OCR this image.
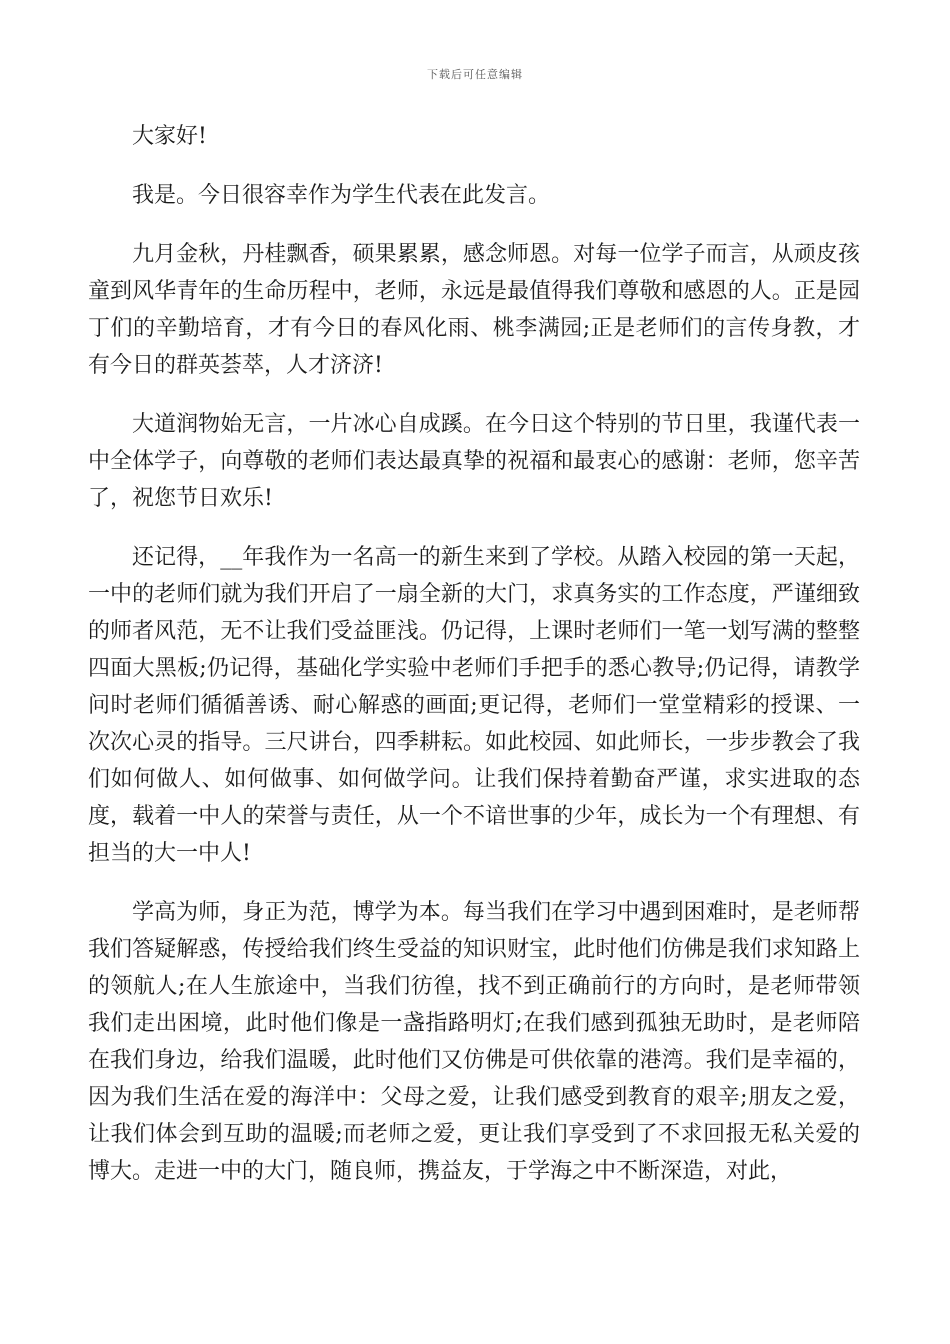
下载后可任意编辑

大家好!

我是。今日很容幸作为学生代表在此发言。

九月金秋，丹桂飘香，硕果累累，感念师恩。对每一位学子而言，从顽皮孩童到风华青年的生命历程中，老师，永远是最值得我们尊敬和感恩的人。正是园丁们的辛勤培育，才有今日的春风化雨、桃李满园;正是老师们的言传身教，才有今日的群英荟萃，人才济济!

大道润物始无言，一片冰心自成蹊。在今日这个特别的节日里，我谨代表一中全体学子，向尊敬的老师们表达最真挚的祝福和最衷心的感谢：老师，您辛苦了，祝您节日欢乐!

还记得，__年我作为一名高一的新生来到了学校。从踏入校园的第一天起，一中的老师们就为我们开启了一扇全新的大门，求真务实的工作态度，严谨细致的师者风范，无不让我们受益匪浅。仍记得，上课时老师们一笔一划写满的整整四面大黑板;仍记得，基础化学实验中老师们手把手的悉心教导;仍记得，请教学问时老师们循循善诱、耐心解惑的画面;更记得，老师们一堂堂精彩的授课、一次次心灵的指导。三尺讲台，四季耕耘。如此校园、如此师长，一步步教会了我们如何做人、如何做事、如何做学问。让我们保持着勤奋严谨，求实进取的态度，载着一中人的荣誉与责任，从一个不谙世事的少年，成长为一个有理想、有担当的大一中人!

学高为师，身正为范，博学为本。每当我们在学习中遇到困难时，是老师帮我们答疑解惑，传授给我们终生受益的知识财宝，此时他们仿佛是我们求知路上的领航人;在人生旅途中，当我们彷徨，找不到正确前行的方向时，是老师带领我们走出困境，此时他们像是一盏指路明灯;在我们感到孤独无助时，是老师陪在我们身边，给我们温暖，此时他们又仿佛是可供依靠的港湾。我们是幸福的，因为我们生活在爱的海洋中：父母之爱，让我们感受到教育的艰辛;朋友之爱，让我们体会到互助的温暖;而老师之爱，更让我们享受到了不求回报无私关爱的博大。走进一中的大门，随良师，携益友，于学海之中不断深造，对此，
